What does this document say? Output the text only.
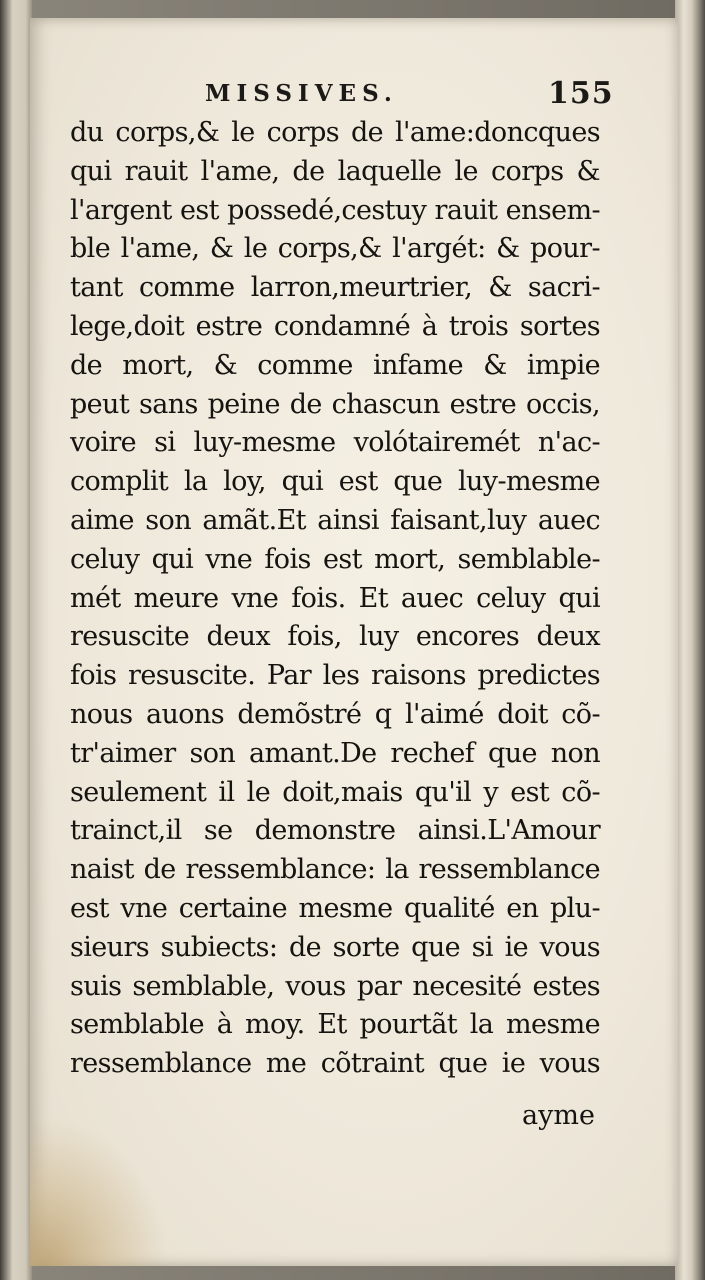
MISSIVES.	155
du corps,& le corps de l'ame:doncques
qui rauit l'ame, de laquelle le corps &
l'argent est possedé,cestuy rauit ensem-
ble l'ame, & le corps,& l'argét: & pour-
tant comme larron,meurtrier, & sacri-
lege,doit estre condamné à trois sortes
de mort, & comme infame & impie
peut sans peine de chascun estre occis,
voire si luy-mesme volótairemét n'ac-
complit la loy, qui est que luy-mesme
aime son amãt.Et ainsi faisant,luy auec
celuy qui vne fois est mort, semblable-
mét meure vne fois. Et auec celuy qui
resuscite deux fois, luy encores deux
fois resuscite. Par les raisons predictes
nous auons demõstré q l'aimé doit cõ-
tr'aimer son amant.De rechef que non
seulement il le doit,mais qu'il y est cõ-
trainct,il se demonstre ainsi.L'Amour
naist de ressemblance: la ressemblance
est vne certaine mesme qualité en plu-
sieurs subiects: de sorte que si ie vous
suis semblable, vous par necesité estes
semblable à moy. Et pourtãt la mesme
ressemblance me cõtraint que ie vous
ayme
